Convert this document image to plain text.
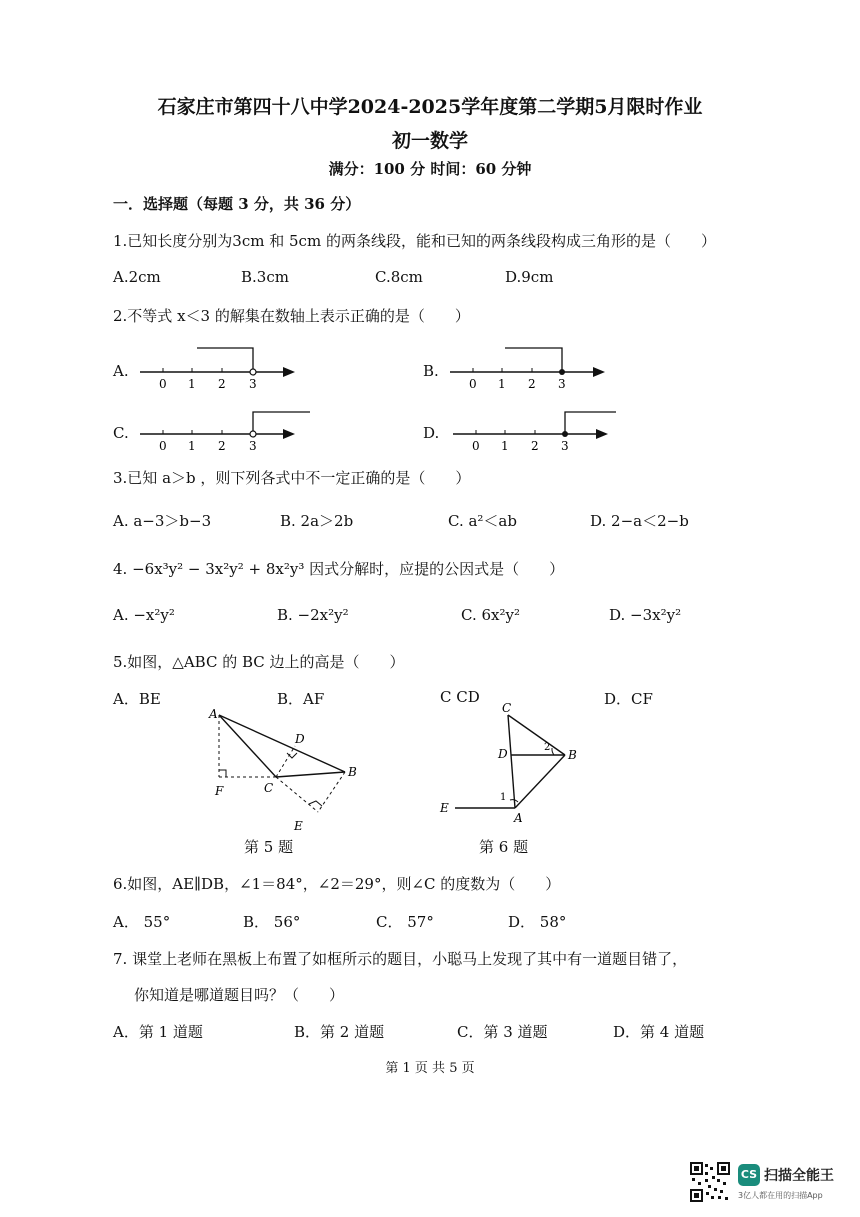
石家庄市第四十八中学2024-2025学年度第二学期5月限时作业
初一数学
满分：100 分 时间：60 分钟
一．选择题（每题 3 分，共 36 分）
1.已知长度分别为3cm 和 5cm 的两条线段，能和已知的两条线段构成三角形的是（　　）
A.2cm	B.3cm	C.8cm	D.9cm
2.不等式 x＜3 的解集在数轴上表示正确的是（　　）
A.	B.
C.	D.
0 1 2 3	0 1 2 3
0 1 2 3	0 1 2 3
3.已知 a＞b ，则下列各式中不一定正确的是（　　）
A. a−3＞b−3	B. 2a＞2b	C. a²＜ab	D. 2−a＜2−b
4. −6x³y² − 3x²y² + 8x²y³ 因式分解时，应提的公因式是（　　）
A. −x²y²	B. −2x²y²	C. 6x²y²	D. −3x²y²
5.如图，△ABC 的 BC 边上的高是（　　）
A．BE	B．AF	C CD	D．CF
A
D
B
C
F
E
C
D	B
E
A
1
2
第 5 题	第 6 题
6.如图，AE∥DB，∠1＝84°，∠2＝29°，则∠C 的度数为（　　）
A． 55°	B． 56°	C． 57°	D． 58°
7. 课堂上老师在黑板上布置了如框所示的题目，小聪马上发现了其中有一道题目错了，
你知道是哪道题目吗？（　　）
A．第 1 道题	B．第 2 道题	C．第 3 道题	D．第 4 道题
第 1 页 共 5 页
CS 扫描全能王
3亿人都在用的扫描App
